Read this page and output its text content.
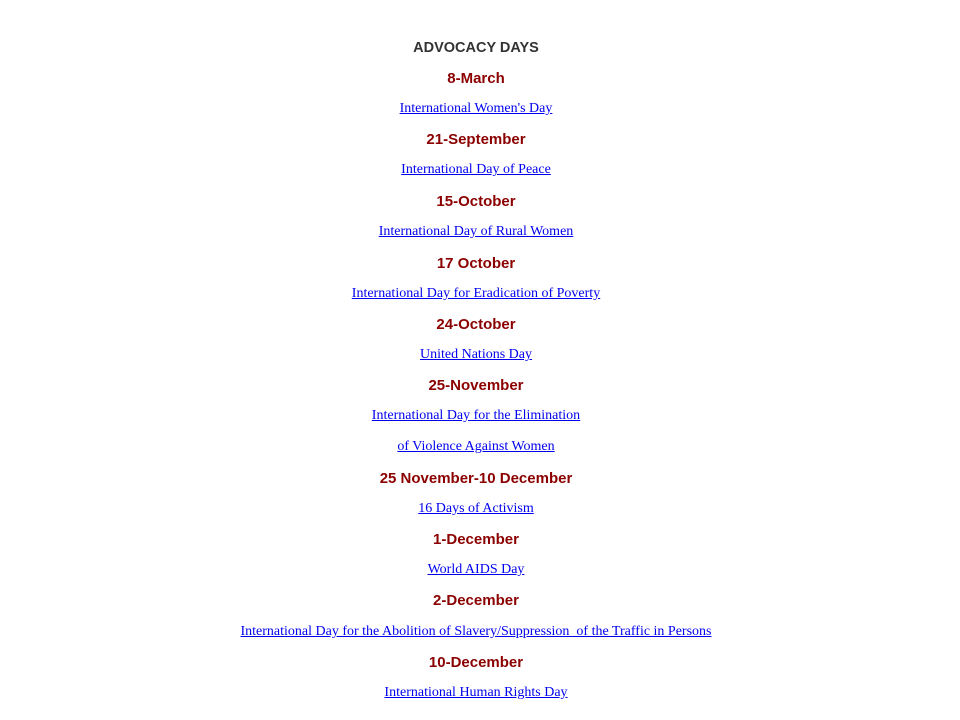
ADVOCACY DAYS
8-March
International Women's Day
21-September
International Day of Peace
15-October
International Day of Rural Women
17 October
International Day for Eradication of Poverty
24-October
United Nations Day
25-November
International Day for the Elimination
of Violence Against Women
25 November-10 December
16 Days of Activism
1-December
World AIDS Day
2-December
International Day for the Abolition of Slavery/Suppression  of the Traffic in Persons
10-December
International Human Rights Day
